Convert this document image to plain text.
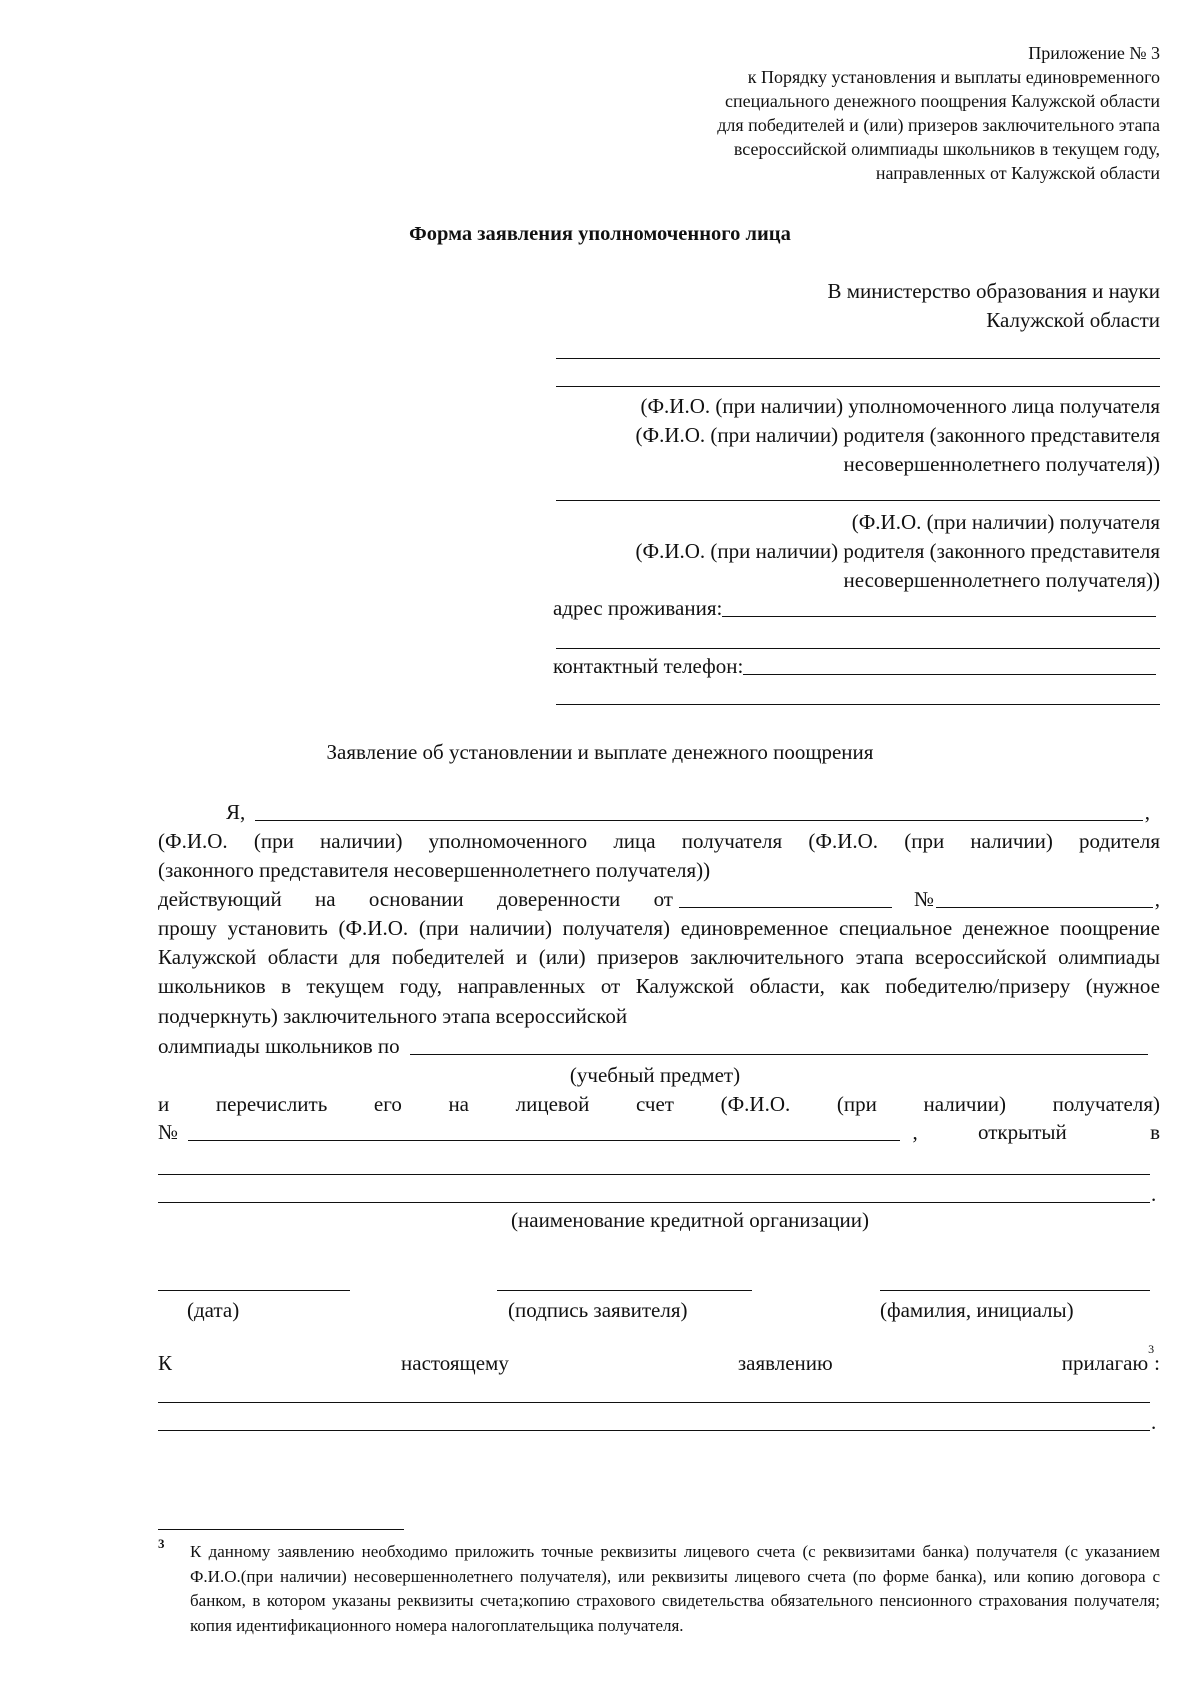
Приложение № 3
к Порядку установления и выплаты единовременного
специального денежного поощрения Калужской области
для победителей и (или) призеров заключительного этапа
всероссийской олимпиады школьников в текущем году,
направленных от Калужской области
Форма заявления уполномоченного лица
В министерство образования и науки
Калужской области
(Ф.И.О. (при наличии) уполномоченного лица получателя
(Ф.И.О. (при наличии) родителя (законного представителя
несовершеннолетнего получателя))
(Ф.И.О. (при наличии) получателя
(Ф.И.О. (при наличии) родителя (законного представителя
несовершеннолетнего получателя))
адрес проживания:
контактный телефон:
Заявление об установлении и выплате денежного поощрения
Я,	,
(Ф.И.О. (при наличии) уполномоченного лица получателя (Ф.И.О. (при наличии) родителя
(законного представителя несовершеннолетнего получателя))
действующий на основании доверенности от	№	,
прошу установить (Ф.И.О. (при наличии) получателя) единовременное специальное денежное поощрение Калужской области для победителей и (или) призеров заключительного этапа всероссийской олимпиады школьников в текущем году, направленных от Калужской области, как победителю/призеру (нужное подчеркнуть) заключительного этапа всероссийской
олимпиады школьников по
(учебный предмет)
и перечислить его на лицевой счет (Ф.И.О. (при наличии) получателя)
№	,	открытый в
.
(наименование кредитной организации)
(дата)	(подпись заявителя)	(фамилия, инициалы)
К	настоящему	заявлению	прилагаю
3
:
.
3 К данному заявлению необходимо приложить точные реквизиты лицевого счета (с реквизитами банка) получателя (с указанием Ф.И.О.(при наличии) несовершеннолетнего получателя), или реквизиты лицевого счета (по форме банка), или копию договора с банком, в котором указаны реквизиты счета;копию страхового свидетельства обязательного пенсионного страхования получателя; копия идентификационного номера налогоплательщика получателя.
